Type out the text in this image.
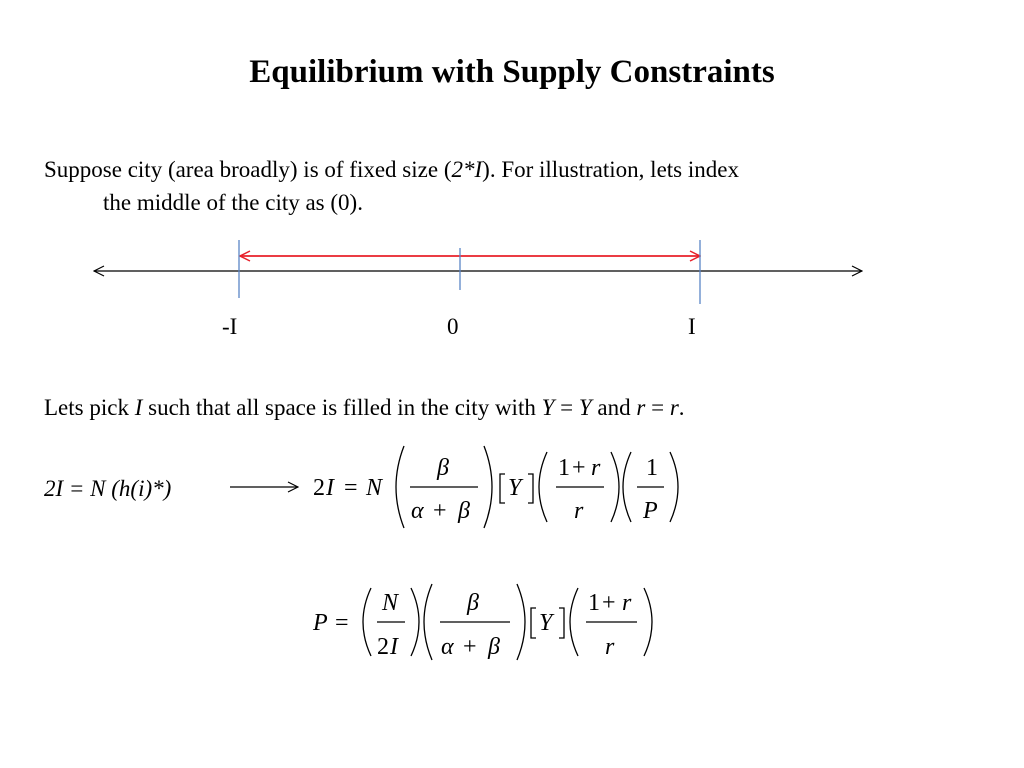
Equilibrium with Supply Constraints
Suppose city (area broadly) is of fixed size (2*I). For illustration, lets index
the middle of the city as (0).
-I	0	I
Lets pick I such that all space is filled in the city with Y = Y and r = r.
2I = N (h(i)*)	2 I = N
β
α + β
Y
1 + r
r
1
P
P =
N
2 I
β
α + β
Y
1 + r
r
